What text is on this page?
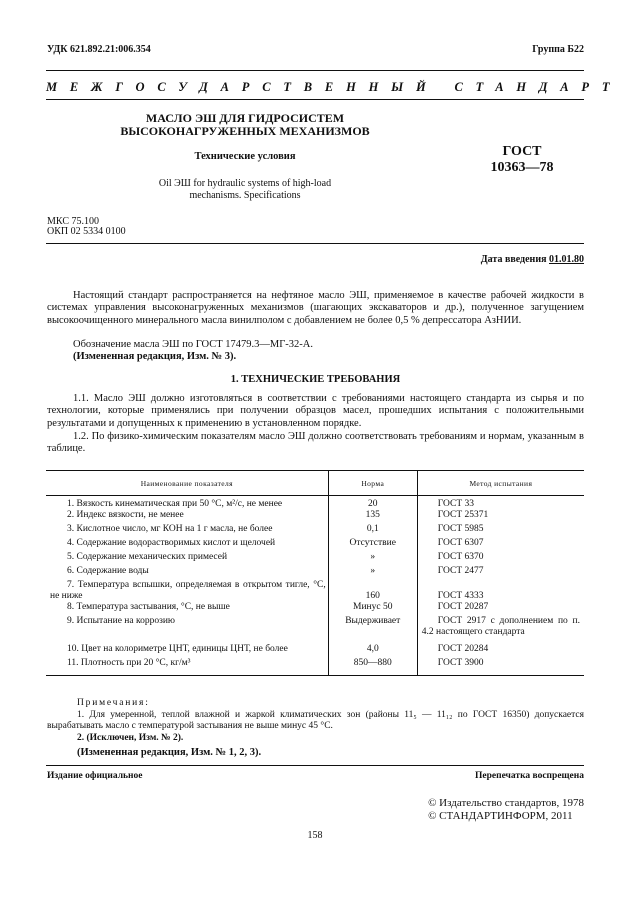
УДК 621.892.21:006.354	Группа Б22
МЕЖГОСУДАРСТВЕННЫЙ СТАНДАРТ
МАСЛО ЭШ ДЛЯ ГИДРОСИСТЕМ
ВЫСОКОНАГРУЖЕННЫХ МЕХАНИЗМОВ
Технические условия
Oil ЭШ for hydraulic systems of high-load
mechanisms. Specifications
ГОСТ
10363—78
МКС 75.100
ОКП 02 5334 0100
Дата введения 01.01.80
Настоящий стандарт распространяется на нефтяное масло ЭШ, применяемое в качестве рабочей жидкости в системах управления высоконагруженных механизмов (шагающих экскаваторов и др.), полученное загущением высокоочищенного минерального масла винилполом с добавлением не более 0,5 % депрессатора АзНИИ.
Обозначение масла ЭШ по ГОСТ 17479.3—МГ-32-А.
(Измененная редакция, Изм. № 3).
1. ТЕХНИЧЕСКИЕ ТРЕБОВАНИЯ
1.1. Масло ЭШ должно изготовляться в соответствии с требованиями настоящего стандарта из сырья и по технологии, которые применялись при получении образцов масел, прошедших испытания с положительными результатами и допущенных к применению в установленном порядке.
1.2. По физико-химическим показателям масло ЭШ должно соответствовать требованиям и нормам, указанным в таблице.
Наименование показателя	Норма	Метод испытания
1. Вязкость кинематическая при 50 °С, м²/с, не менее	20	ГОСТ 33
2. Индекс вязкости, не менее	135	ГОСТ 25371
3. Кислотное число, мг КОН на 1 г масла, не более	0,1	ГОСТ 5985
4. Содержание водорастворимых кислот и щелочей	Отсутствие	ГОСТ 6307
5. Содержание механических примесей	»	ГОСТ 6370
6. Содержание воды	»	ГОСТ 2477
7. Температура вспышки, определяемая в открытом тигле, °С, не ниже	160	ГОСТ 4333
8. Температура застывания, °С, не выше	Минус 50	ГОСТ 20287
9. Испытание на коррозию	Выдерживает	ГОСТ 2917 с дополнением по п. 4.2 настоящего стандарта
10. Цвет на колориметре ЦНТ, единицы ЦНТ, не более	4,0	ГОСТ 20284
11. Плотность при 20 °С, кг/м³	850—880	ГОСТ 3900
Примечания:
1. Для умеренной, теплой влажной и жаркой климатических зон (районы 11₅ — 11₁₂ по ГОСТ 16350) допускается вырабатывать масло с температурой застывания не выше минус 45 °С.
2. (Исключен, Изм. № 2).
(Измененная редакция, Изм. № 1, 2, 3).
Издание официальное	Перепечатка воспрещена
© Издательство стандартов, 1978
© СТАНДАРТИНФОРМ, 2011
158
